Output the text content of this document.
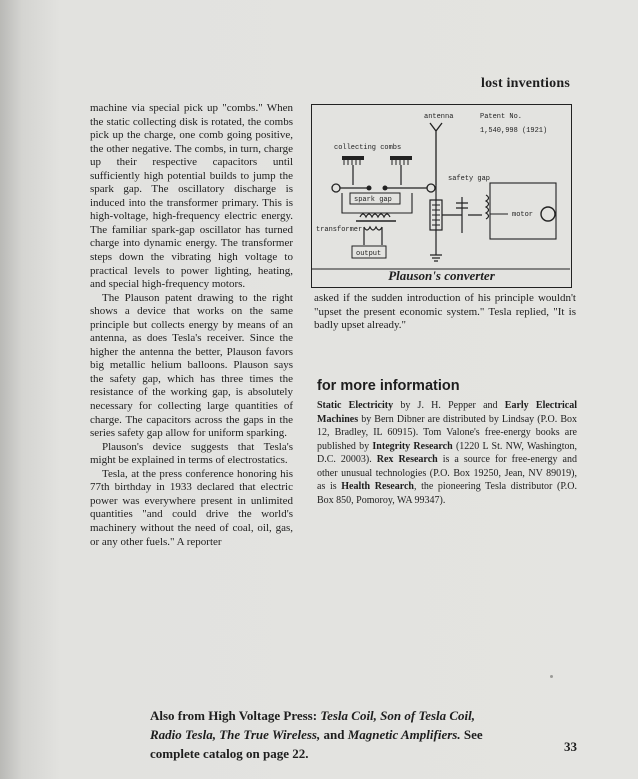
lost inventions

machine via special pick up "combs." When the static collecting disk is rotated, the combs pick up the charge, one comb going positive, the other negative. The combs, in turn, charge up their respective capacitors until sufficiently high potential builds to jump the spark gap. The oscillatory discharge is induced into the transformer primary. This is high-voltage, high-frequency electric energy. The familiar spark-gap oscillator has turned charge into dynamic energy. The transformer steps down the vibrating high voltage to practical levels to power lighting, heating, and special high-frequency motors.

The Plauson patent drawing to the right shows a device that works on the same principle but collects energy by means of an antenna, as does Tesla's receiver. Since the higher the antenna the better, Plauson favors big metallic helium balloons. Plauson says the safety gap, which has three times the resistance of the working gap, is absolutely necessary for collecting large quantities of charge. The capacitors across the gaps in the series safety gap allow for uniform sparking.

Plauson's device suggests that Tesla's might be explained in terms of electrostatics.

Tesla, at the press conference honoring his 77th birthday in 1933 declared that electric power was everywhere present in unlimited quantities "and could drive the world's machinery without the need of coal, oil, gas, or any other fuels." A reporter

antenna	Patent No.
1,540,998 (1921)
collecting combs
spark gap
transformer
output
safety gap
motor
Plauson's converter

asked if the sudden introduction of his principle wouldn't "upset the present economic system." Tesla replied, "It is badly upset already."

for more information
Static Electricity by J. H. Pepper and Early Electrical Machines by Bern Dibner are distributed by Lindsay (P.O. Box 12, Bradley, IL 60915). Tom Valone's free-energy books are published by Integrity Research (1220 L St. NW, Washington, D.C. 20003). Rex Research is a source for free-energy and other unusual technologies (P.O. Box 19250, Jean, NV 89019), as is Health Research, the pioneering Tesla distributor (P.O. Box 850, Pomoroy, WA 99347).
Also from High Voltage Press: Tesla Coil, Son of Tesla Coil, Radio Tesla, The True Wireless, and Magnetic Amplifiers. See complete catalog on page 22.	33
